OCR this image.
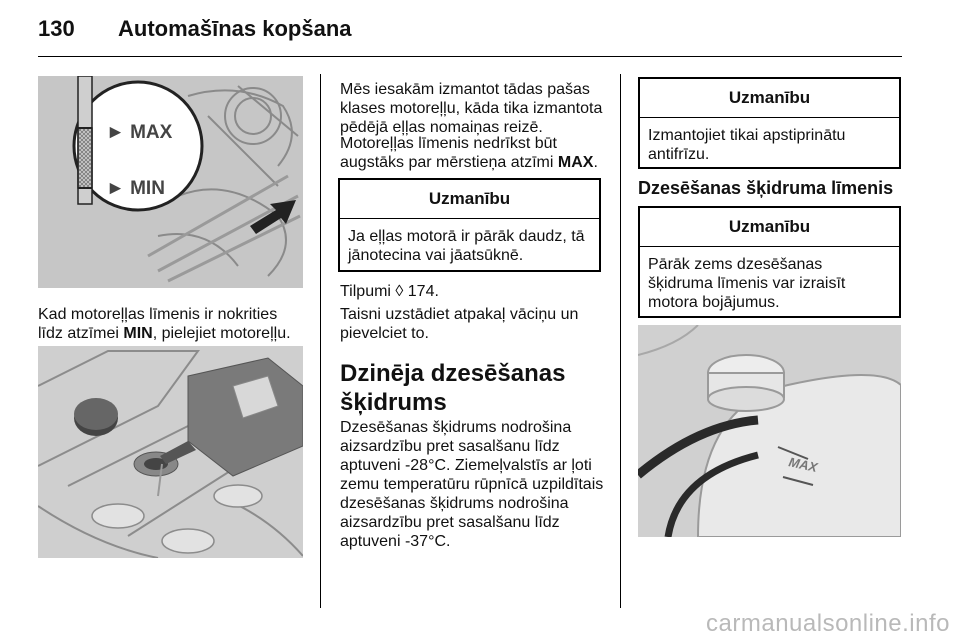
130 Automašīnas kopšana
► MAX
► MIN
Kad motoreļļas līmenis ir nokrities līdz atzīmei MIN, pielejiet motoreļļu.
Mēs iesakām izmantot tādas pašas klases motoreļļu, kāda tika izmantota pēdējā eļļas nomaiņas reizē.
Motoreļļas līmenis nedrīkst būt augstāks par mērstieņa atzīmi MAX.
Uzmanību
Ja eļļas motorā ir pārāk daudz, tā jānotecina vai jāatsūknē.
Tilpumi ◊ 174.
Taisni uzstādiet atpakaļ vāciņu un pievelciet to.
Dzinēja dzesēšanas šķidrums
Dzesēšanas šķidrums nodrošina aizsardzību pret sasalšanu līdz aptuveni -28°C. Ziemeļvalstīs ar ļoti zemu temperatūru rūpnīcā uzpildītais dzesēšanas šķidrums nodrošina aizsardzību pret sasalšanu līdz aptuveni -37°C.
Uzmanību
Izmantojiet tikai apstiprinātu antifrīzu.
Dzesēšanas šķidruma līmenis
Uzmanību
Pārāk zems dzesēšanas šķidruma līmenis var izraisīt motora bojājumus.
MAX
carmanualsonline.info
